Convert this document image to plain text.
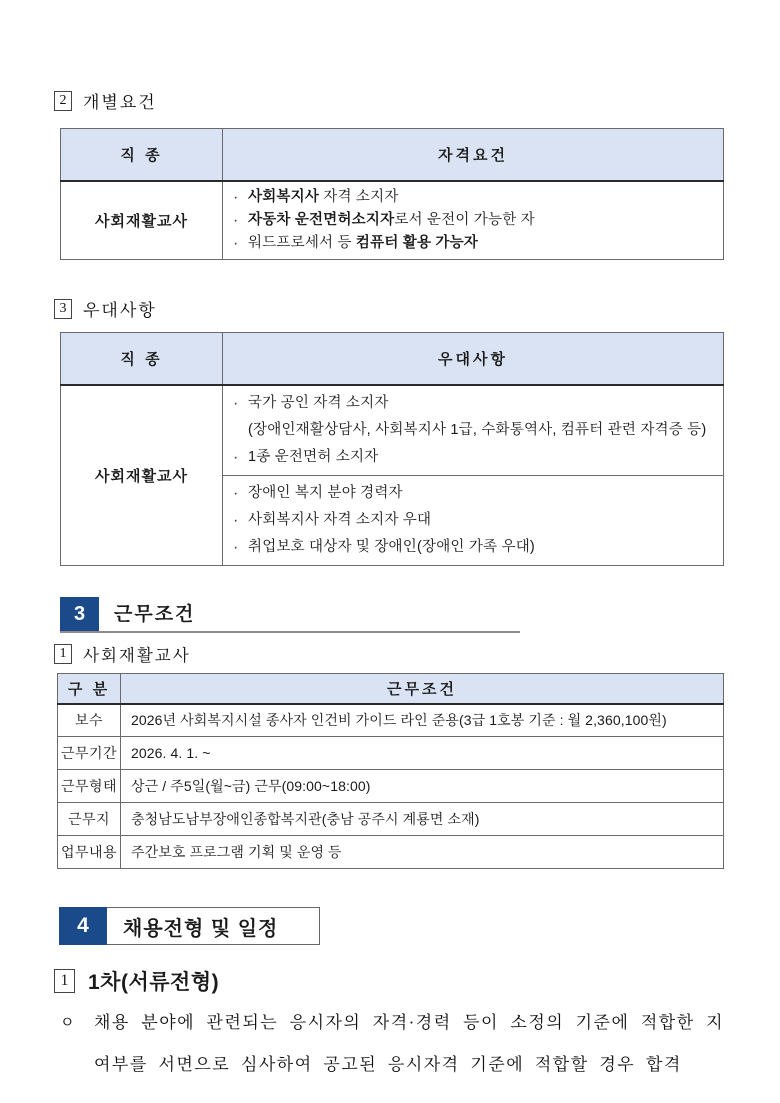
2 개별요건
직 종	자격요건
사회재활교사	
· 사회복지사 자격 소지자
· 자동차 운전면허소지자로서 운전이 가능한 자
· 워드프로세서 등 컴퓨터 활용 가능자
3 우대사항
직 종	우대사항
사회재활교사	· 국가 공인 자격 소지자
(장애인재활상담사, 사회복지사 1급, 수화통역사, 컴퓨터 관련 자격증 등)
· 1종 운전면허 소지자

· 장애인 복지 분야 경력자
· 사회복지사 자격 소지자 우대
· 취업보호 대상자 및 장애인(장애인 가족 우대)
3	근무조건
1	사회재활교사
구 분	근무조건
보수	2026년 사회복지시설 종사자 인건비 가이드 라인 준용(3급 1호봉 기준 : 월 2,360,100원)
근무기간	2026. 4. 1. ~
근무형태	상근 / 주5일(월~금) 근무(09:00~18:00)
근무지	충청남도남부장애인종합복지관(충남 공주시 계룡면 소재)
업무내용	주간보호 프로그램 기획 및 운영 등
4	채용전형 및 일정
1 1차(서류전형)
ㅇ	채용 분야에 관련되는 응시자의 자격·경력 등이 소정의 기준에 적합한 지
여부를 서면으로 심사하여 공고된 응시자격 기준에 적합할 경우 합격
